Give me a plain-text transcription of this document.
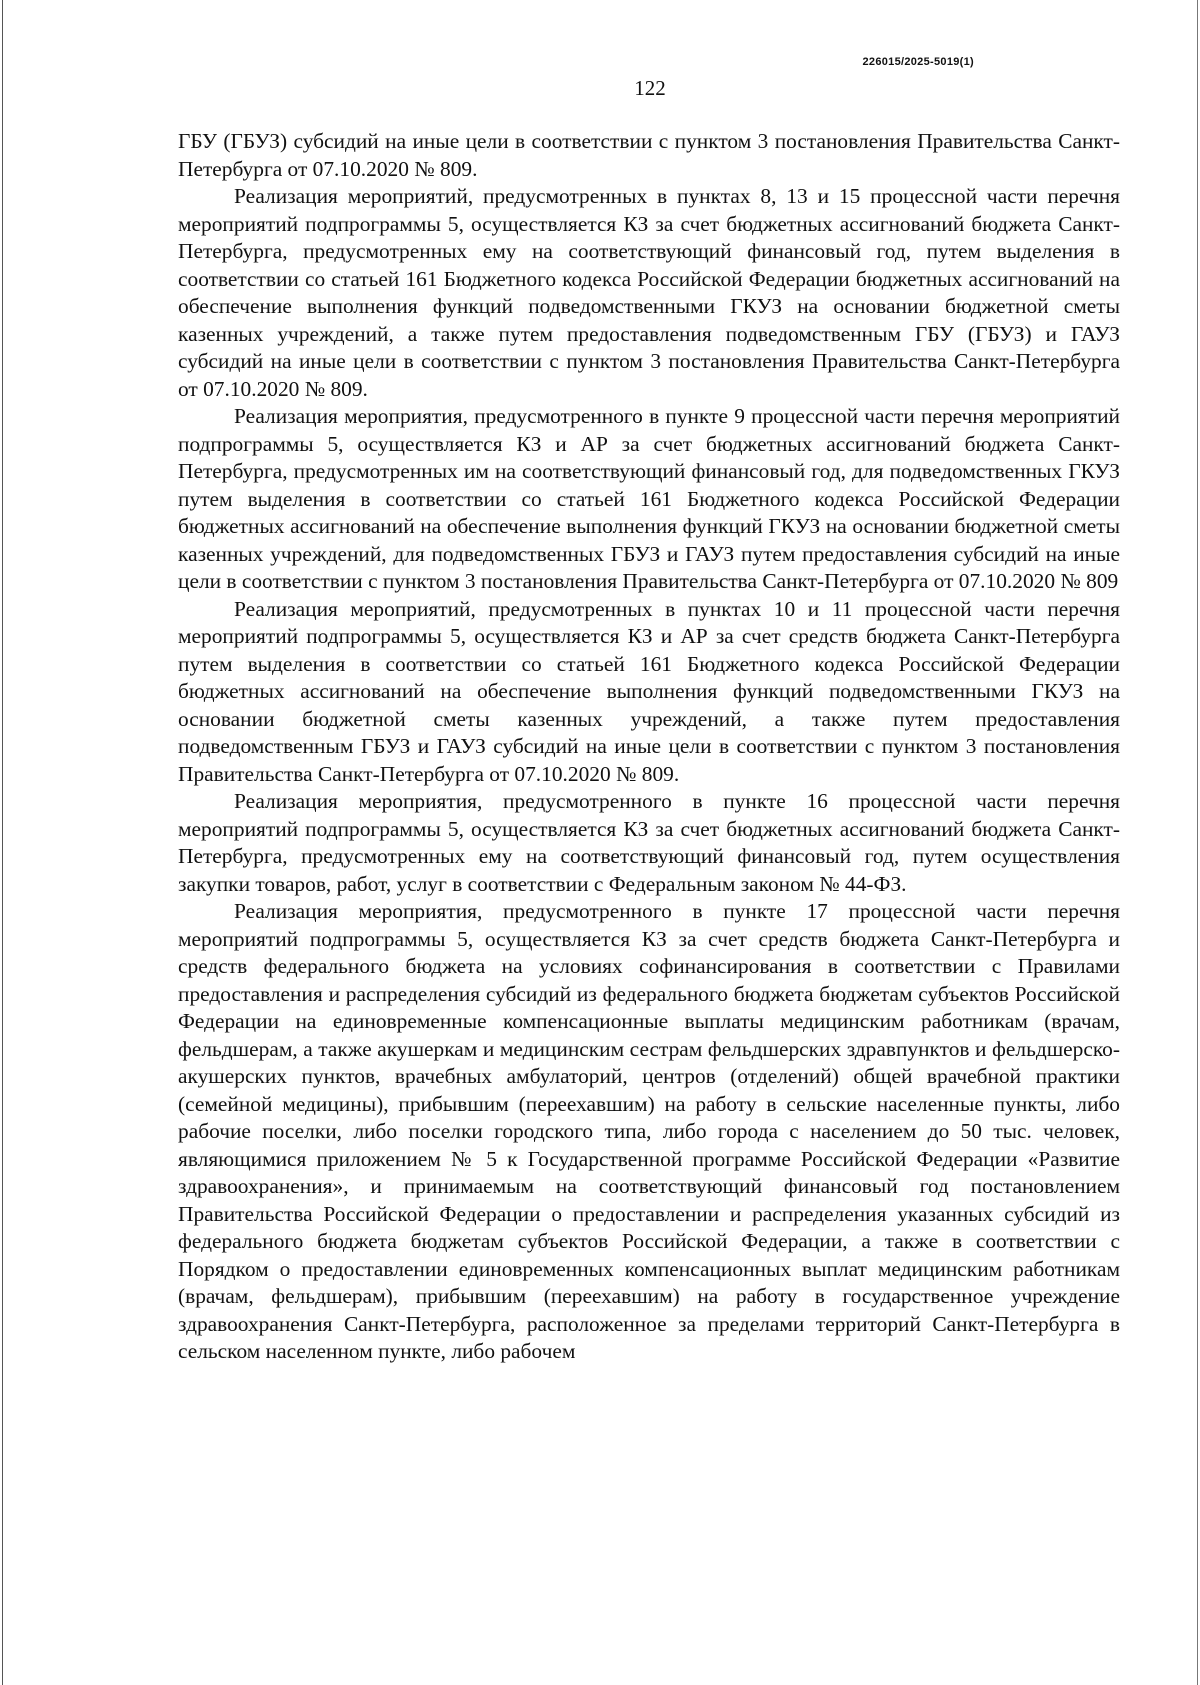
226015/2025-5019(1)
122

ГБУ (ГБУЗ) субсидий на иные цели в соответствии с пунктом 3 постановления Правительства Санкт-Петербурга от 07.10.2020 № 809.

Реализация мероприятий, предусмотренных в пунктах 8, 13 и 15 процессной части перечня мероприятий подпрограммы 5, осуществляется КЗ за счет бюджетных ассигнований бюджета Санкт-Петербурга, предусмотренных ему на соответствующий финансовый год, путем выделения в соответствии со статьей 161 Бюджетного кодекса Российской Федерации бюджетных ассигнований на обеспечение выполнения функций подведомственными ГКУЗ на основании бюджетной сметы казенных учреждений, а также путем предоставления подведомственным ГБУ (ГБУЗ) и ГАУЗ субсидий на иные цели в соответствии с пунктом 3 постановления Правительства Санкт-Петербурга от 07.10.2020 № 809.

Реализация мероприятия, предусмотренного в пункте 9 процессной части перечня мероприятий подпрограммы 5, осуществляется КЗ и АР за счет бюджетных ассигнований бюджета Санкт-Петербурга, предусмотренных им на соответствующий финансовый год, для подведомственных ГКУЗ путем выделения в соответствии со статьей 161 Бюджетного кодекса Российской Федерации бюджетных ассигнований на обеспечение выполнения функций ГКУЗ на основании бюджетной сметы казенных учреждений, для подведомственных ГБУЗ и ГАУЗ путем предоставления субсидий на иные цели в соответствии с пунктом 3 постановления Правительства Санкт-Петербурга от 07.10.2020 № 809

Реализация мероприятий, предусмотренных в пунктах 10 и 11 процессной части перечня мероприятий подпрограммы 5, осуществляется КЗ и АР за счет средств бюджета Санкт-Петербурга путем выделения в соответствии со статьей 161 Бюджетного кодекса Российской Федерации бюджетных ассигнований на обеспечение выполнения функций подведомственными ГКУЗ на основании бюджетной сметы казенных учреждений, а также путем предоставления подведомственным ГБУЗ и ГАУЗ субсидий на иные цели в соответствии с пунктом 3 постановления Правительства Санкт-Петербурга от 07.10.2020 № 809.

Реализация мероприятия, предусмотренного в пункте 16 процессной части перечня мероприятий подпрограммы 5, осуществляется КЗ за счет бюджетных ассигнований бюджета Санкт-Петербурга, предусмотренных ему на соответствующий финансовый год, путем осуществления закупки товаров, работ, услуг в соответствии с Федеральным законом № 44-ФЗ.

Реализация мероприятия, предусмотренного в пункте 17 процессной части перечня мероприятий подпрограммы 5, осуществляется КЗ за счет средств бюджета Санкт-Петербурга и средств федерального бюджета на условиях софинансирования в соответствии с Правилами предоставления и распределения субсидий из федерального бюджета бюджетам субъектов Российской Федерации на единовременные компенсационные выплаты медицинским работникам (врачам, фельдшерам, а также акушеркам и медицинским сестрам фельдшерских здравпунктов и фельдшерско-акушерских пунктов, врачебных амбулаторий, центров (отделений) общей врачебной практики (семейной медицины), прибывшим (переехавшим) на работу в сельские населенные пункты, либо рабочие поселки, либо поселки городского типа, либо города с населением до 50 тыс. человек, являющимися приложением № 5 к Государственной программе Российской Федерации «Развитие здравоохранения», и принимаемым на соответствующий финансовый год постановлением Правительства Российской Федерации о предоставлении и распределения указанных субсидий из федерального бюджета бюджетам субъектов Российской Федерации, а также в соответствии с Порядком о предоставлении единовременных компенсационных выплат медицинским работникам (врачам, фельдшерам), прибывшим (переехавшим) на работу в государственное учреждение здравоохранения Санкт-Петербурга, расположенное за пределами территорий Санкт-Петербурга в сельском населенном пункте, либо рабочем
